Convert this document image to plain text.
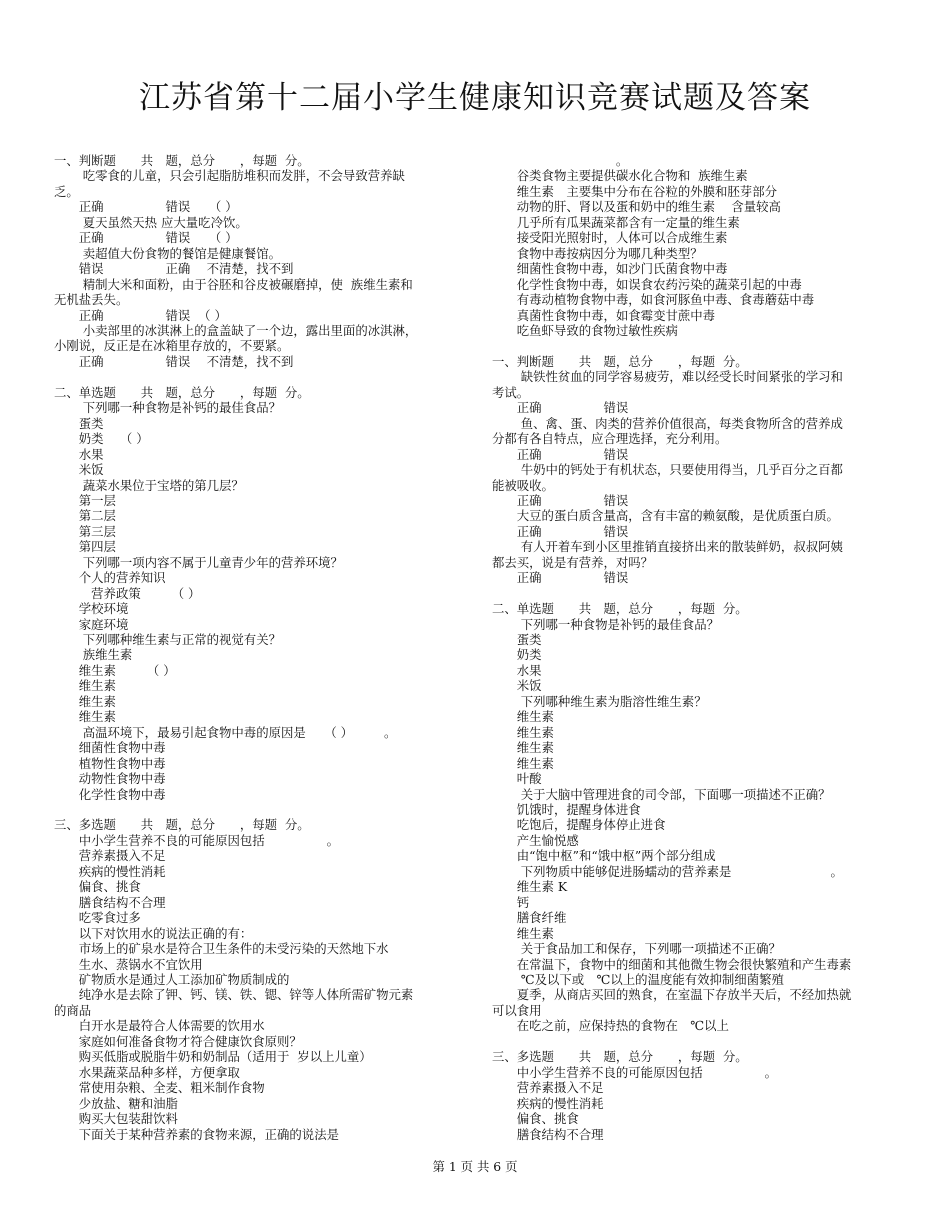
江苏省第十二届小学生健康知识竞赛试题及答案
一、判断题　　共　题，总分　　，每题  分。
　　 吃零食的儿童，只会引起脂肪堆积而发胖，不会导致营养缺
乏。
　　正确　　　　　错误　　（ ）
　　 夏天虽然天热 应大量吃冷饮。
　　正确　　　　　错误　　（ ）
　　 卖超值大份食物的餐馆是健康餐馆。
　　错误　　　　　正确　 不清楚，找不到
　　 精制大米和面粉，由于谷胚和谷皮被碾磨掉，使  族维生素和
无机盐丢失。
　　正确　　　　　错误  （ ）
　　 小卖部里的冰淇淋上的盒盖缺了一个边，露出里面的冰淇淋，
小刚说，反正是在冰箱里存放的，不要紧。
　　正确　　　　　错误　 不清楚，找不到
二、单选题　　共　题，总分　　，每题  分。
　　 下列哪一种食物是补钙的最佳食品？
　　蛋类
　　奶类　 （ ）
　　水果
　　米饭
　　 蔬菜水果位于宝塔的第几层？
　　第一层
　　第二层
　　第三层
　　第四层
　　 下列哪一项内容不属于儿童青少年的营养环境？
　　个人的营养知识
　　　营养政策　　　（ ）
　　学校环境
　　家庭环境
　　 下列哪种维生素与正常的视觉有关？
　　 族维生素
　　维生素　　　（ ）
　　维生素
　　维生素
　　维生素
　　 高温环境下，最易引起食物中毒的原因是　　（ ）　　　。
　　细菌性食物中毒
　　植物性食物中毒
　　动物性食物中毒
　　化学性食物中毒
三、多选题　　共　题，总分　　，每题  分。
　　中小学生营养不良的可能原因包括　　　　　。
　　营养素摄入不足
　　疾病的慢性消耗
　　偏食、挑食
　　膳食结构不合理
　　吃零食过多
　　以下对饮用水的说法正确的有：
　　市场上的矿泉水是符合卫生条件的未受污染的天然地下水
　　生水、蒸锅水不宜饮用
　　矿物质水是通过人工添加矿物质制成的
　　纯净水是去除了钾、钙、镁、铁、锶、锌等人体所需矿物元素
的商品
　　白开水是最符合人体需要的饮用水
　　家庭如何准备食物才符合健康饮食原则？
　　购买低脂或脱脂牛奶和奶制品（适用于  岁以上儿童）
　　水果蔬菜品种多样，方便拿取
　　常使用杂粮、全麦、粗米制作食物
　　少放盐、糖和油脂
　　购买大包装甜饮料
　　下面关于某种营养素的食物来源，正确的说法是
　　　　　　　　　　。
　　谷类食物主要提供碳水化合物和  族维生素
　　维生素　主要集中分布在谷粒的外膜和胚芽部分
　　动物的肝、肾以及蛋和奶中的维生素　 含量较高
　　几乎所有瓜果蔬菜都含有一定量的维生素
　　接受阳光照射时，人体可以合成维生素
　　食物中毒按病因分为哪几种类型？
　　细菌性食物中毒，如沙门氏菌食物中毒
　　化学性食物中毒，如误食农药污染的蔬菜引起的中毒
　　有毒动植物食物中毒，如食河豚鱼中毒、食毒蘑菇中毒
　　真菌性食物中毒，如食霉变甘蔗中毒
　　吃鱼虾导致的食物过敏性疾病
一、判断题　　共　题，总分　　，每题  分。
　　 缺铁性贫血的同学容易疲劳，难以经受长时间紧张的学习和
考试。
　　正确　　　　　错误
　　 鱼、禽、蛋、肉类的营养价值很高，每类食物所含的营养成
分都有各自特点，应合理选择，充分利用。
　　正确　　　　　错误
　　 牛奶中的钙处于有机状态，只要使用得当，几乎百分之百都
能被吸收。
　　正确　　　　　错误
　　大豆的蛋白质含量高，含有丰富的赖氨酸，是优质蛋白质。
　　正确　　　　　错误
　　 有人开着车到小区里推销直接挤出来的散装鲜奶，叔叔阿姨
都去买，说是有营养，对吗？
　　正确　　　　　错误
二、单选题　　共　题，总分　　，每题  分。
　　 下列哪一种食物是补钙的最佳食品？
　　蛋类
　　奶类
　　水果
　　米饭
　　 下列哪种维生素为脂溶性维生素？
　　维生素
　　维生素
　　维生素
　　维生素
　　叶酸
　　 关于大脑中管理进食的司令部，下面哪一项描述不正确？
　　饥饿时，提醒身体进食
　　吃饱后，提醒身体停止进食
　　产生愉悦感
　　由“饱中枢”和“饿中枢”两个部分组成
　　 下列物质中能够促进肠蠕动的营养素是　　　　　　　　。
　　维生素 K
　　钙
　　膳食纤维
　　维生素
　　 关于食品加工和保存，下列哪一项描述不正确？
　　在常温下，食物中的细菌和其他微生物会很快繁殖和产生毒素
　　 ℃及以下或　℃以上的温度能有效抑制细菌繁殖
　　夏季，从商店买回的熟食，在室温下存放半天后，不经加热就
可以食用
　　在吃之前，应保持热的食物在　℃以上
三、多选题　　共　题，总分　　，每题  分。
　　中小学生营养不良的可能原因包括　　　　　。
　　营养素摄入不足
　　疾病的慢性消耗
　　偏食、挑食
　　膳食结构不合理
第 1 页 共 6 页
